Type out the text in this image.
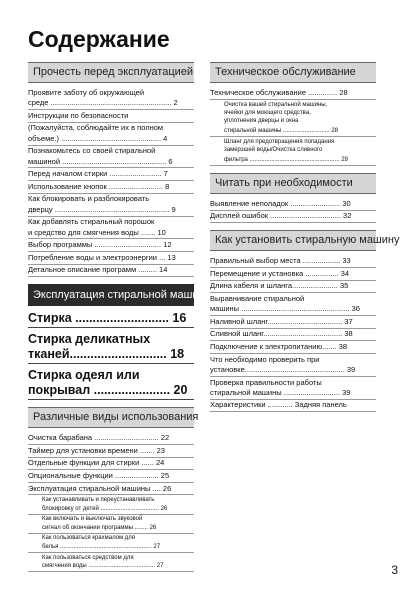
Содержание
Прочесть перед эксплуатацией
Проявите заботу об окружающей
среде .......................................................... 2
Инструкции по безопасности
(Пожалуйста, соблюдайте их в полном
объеме.) ................................................ 4
Познакомьтесь со своей стиральной
машиной .................................................. 6
Перед началом стирки ......................... 7
Использование кнопок .......................... 8
Как блокировать и разблокировать
дверцу ....................................................... 9
Как добавлять стиральный порошок
и средство для смягчения воды ....... 10
Выбор программы ................................ 12
Потребление воды и электроэнергии ... 13
Детальное описание программ ......... 14
Эксплуатация стиральной машины
Стирка ........................... 16
Стирка деликатных
тканей............................ 18
Стирка одеял или
покрывал ...................... 20
Различные виды использования
Очистка барабана ............................... 22
Таймер для установки времени ....... 23
Отдельные функции для стирки ...... 24
Опциональные функции ..................... 25
Эксплуатация стиральной машины .... 26
Как устанавливать и переустанавливать
блокировку от детей ................................... 26
Как включать и выключать звуковой
сигнал об окончании программы ........ 26
Как пользоваться крахмалом для
белья ....................................................... 27
Как пользоваться средством для
смягчения воды ........................................ 27
Техническое обслуживание
Техническое обслуживание .............. 28
Очистка вашей стиральной машины,
ячейки для моющего средства,
уплотнения дверцы и окна
стиральной машины ............................ 28
Шланг для предотвращения попадания
замерзшей воды/Очистка сливного
фильтра ...................................................... 29
Читать при необходимости
Выявление неполадок ........................ 30
Дисплей ошибок .................................. 32
Как установить стиральную машину
Правильный выбор места .................. 33
Перемещение и установка ................ 34
Длина кабеля и шланга...................... 35
Выравнивание стиральной
машины .................................................... 36
Наливной шланг.................................... 37
Сливной шланг...................................... 38
Подключение к электропитанию....... 38
Что необходимо проверить при
установке................................................ 39
Проверка правильности работы
стиральной машины ........................... 39
Характеристики ............ Задняя панель
3
